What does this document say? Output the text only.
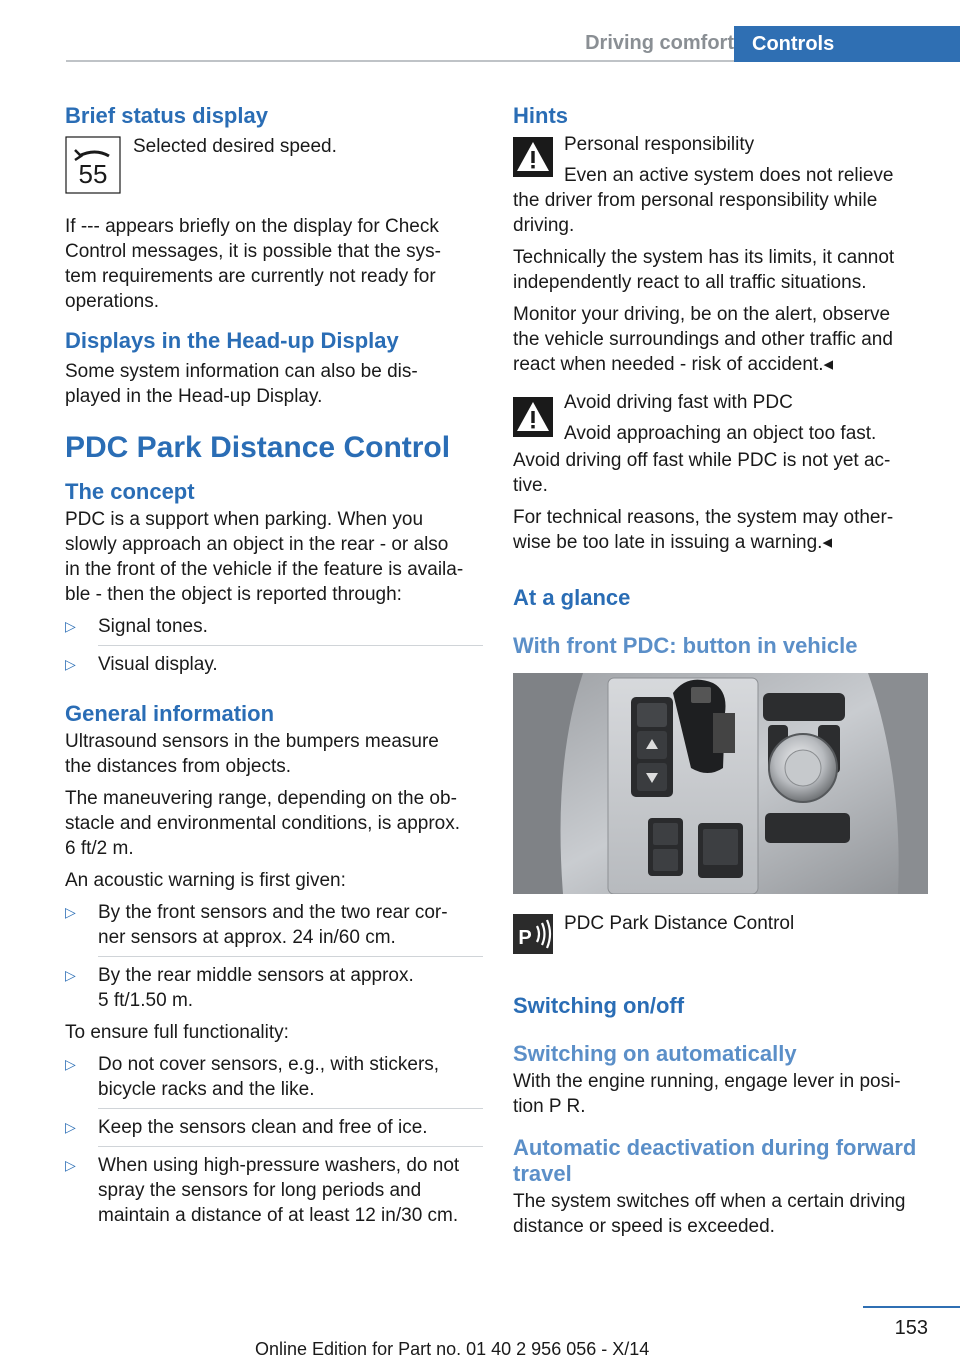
Driving comfort Controls
Brief status display
55

Selected desired speed.

If --- appears briefly on the display for Check

Control messages, it is possible that the sys‐

tem requirements are currently not ready for

operations.

Displays in the Head-up Display

Some system information can also be dis‐

played in the Head-up Display.

PDC Park Distance Control
The concept

PDC is a support when parking. When you

slowly approach an object in the rear - or also

in the front of the vehicle if the feature is availa‐

ble - then the object is reported through:

▷	Signal tones.
▷	Visual display.
General information

Ultrasound sensors in the bumpers measure

the distances from objects.

The maneuvering range, depending on the ob‐

stacle and environmental conditions, is approx.

6 ft/2 m.

An acoustic warning is first given:

▷	By the front sensors and the two rear cor‐
ner sensors at approx. 24 in/60 cm.
▷	By the rear middle sensors at approx.
5 ft/1.50 m.

To ensure full functionality:

▷	Do not cover sensors, e.g., with stickers,
bicycle racks and the like.
▷	Keep the sensors clean and free of ice.
▷	When using high-pressure washers, do not
spray the sensors for long periods and
maintain a distance of at least 12 in/30 cm.
Hints

Personal responsibility

Even an active system does not relieve

the driver from personal responsibility while

driving.

Technically the system has its limits, it cannot

independently react to all traffic situations.

Monitor your driving, be on the alert, observe

the vehicle surroundings and other traffic and

react when needed - risk of accident.◂

Avoid driving fast with PDC

Avoid approaching an object too fast.

Avoid driving off fast while PDC is not yet ac‐

tive.

For technical reasons, the system may other‐

wise be too late in issuing a warning.◂

At a glance
With front PDC: button in vehicle
P

PDC Park Distance Control

Switching on/off
Switching on automatically

With the engine running, engage lever in posi‐

tion P R.

Automatic deactivation during forward
travel

The system switches off when a certain driving

distance or speed is exceeded.

153
Online Edition for Part no. 01 40 2 956 056 - X/14
